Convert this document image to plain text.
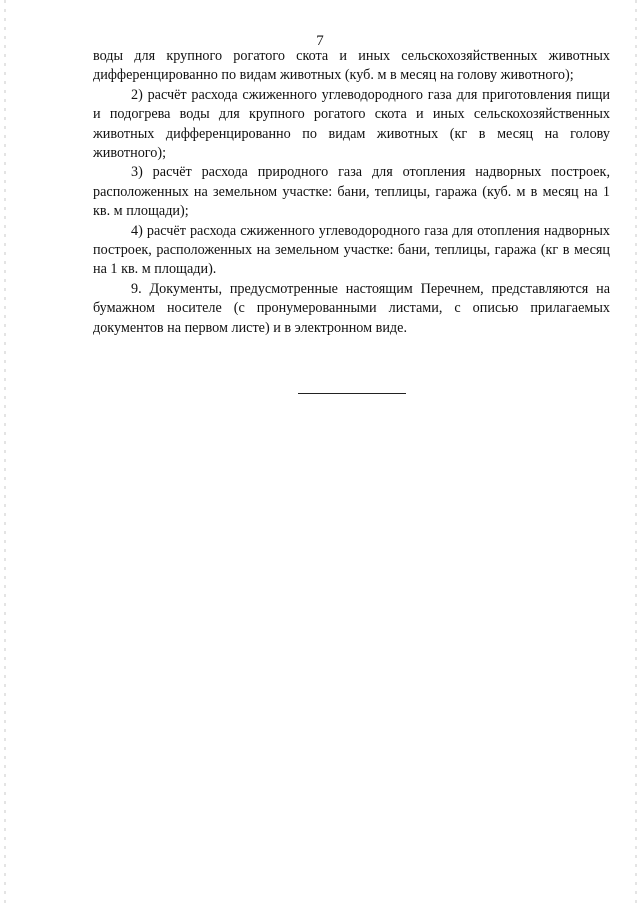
7

воды для крупного рогатого скота и иных сельскохозяйственных животных дифференцированно по видам животных (куб. м в месяц на голову животного);

2) расчёт расхода сжиженного углеводородного газа для приготовления пищи и подогрева воды для крупного рогатого скота и иных сельскохозяйственных животных дифференцированно по видам животных (кг в месяц на голову животного);

3) расчёт расхода природного газа для отопления надворных построек, расположенных на земельном участке: бани, теплицы, гаража (куб. м в месяц на 1 кв. м площади);

4) расчёт расхода сжиженного углеводородного газа для отопления надворных построек, расположенных на земельном участке: бани, теплицы, гаража (кг в месяц на 1 кв. м площади).

9. Документы, предусмотренные настоящим Перечнем, представляются на бумажном носителе (с пронумерованными листами, с описью прилагаемых документов на первом листе) и в электронном виде.
